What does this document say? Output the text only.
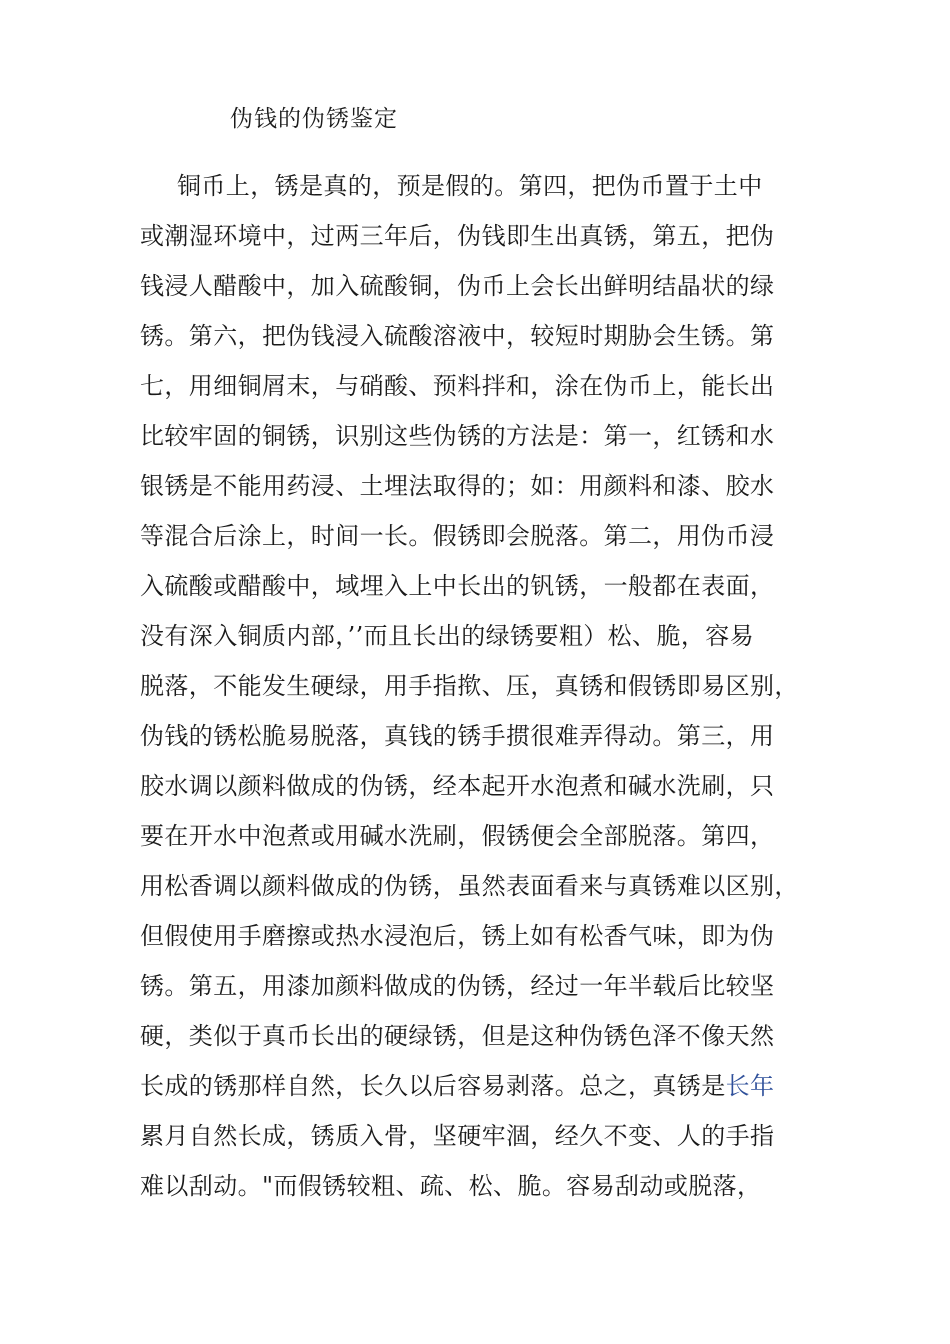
伪钱的伪锈鉴定
铜币上，锈是真的，预是假的。第四，把伪币置于土中
或潮湿环境中，过两三年后，伪钱即生出真锈，第五，把伪
钱浸人醋酸中，加入硫酸铜，伪币上会长出鲜明结晶状的绿
锈。第六，把伪钱浸入硫酸溶液中，较短时期胁会生锈。第
七，用细铜屑末，与硝酸、预料拌和，涂在伪币上，能长出
比较牢固的铜锈，识别这些伪锈的方法是：第一，红锈和水
银锈是不能用药浸、土埋法取得的；如：用颜料和漆、胶水
等混合后涂上，时间一长。假锈即会脱落。第二，用伪币浸
入硫酸或醋酸中，域埋入上中长出的钒锈，一般都在表面，
没有深入铜质内部，’’而且长出的绿锈要粗）松、脆，容易
脱落，不能发生硬绿，用手指揿、压，真锈和假锈即易区别，
伪钱的锈松脆易脱落，真钱的锈手掼很难弄得动。第三，用
胶水调以颜料做成的伪锈，经本起开水泡煮和碱水洗刷，只
要在开水中泡煮或用碱水洗刷，假锈便会全部脱落。第四，
用松香调以颜料做成的伪锈，虽然表面看来与真锈难以区别，
但假使用手磨擦或热水浸泡后，锈上如有松香气味，即为伪
锈。第五，用漆加颜料做成的伪锈，经过一年半载后比较坚
硬，类似于真币长出的硬绿锈，但是这种伪锈色泽不像天然
长成的锈那样自然，长久以后容易剥落。总之，真锈是长年
累月自然长成，锈质入骨，坚硬牢涸，经久不变、人的手指
难以刮动。"而假锈较粗、疏、松、脆。容易刮动或脱落，
